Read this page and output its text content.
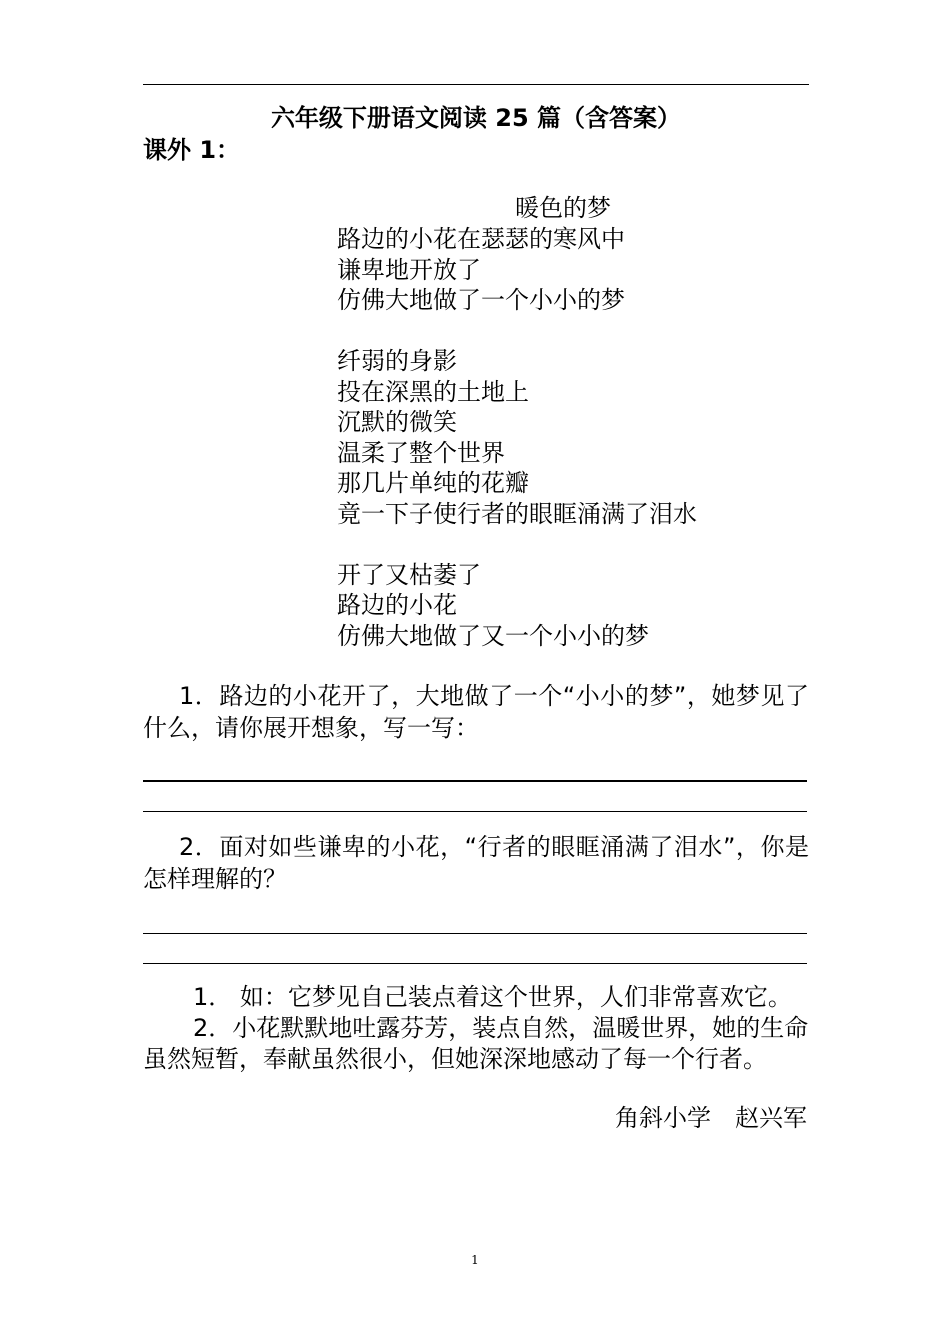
六年级下册语文阅读 25 篇（含答案）
课外 1：
暖色的梦
路边的小花在瑟瑟的寒风中
谦卑地开放了
仿佛大地做了一个小小的梦
纤弱的身影
投在深黑的土地上
沉默的微笑
温柔了整个世界
那几片单纯的花瓣
竟一下子使行者的眼眶涌满了泪水
开了又枯萎了
路边的小花
仿佛大地做了又一个小小的梦
1．路边的小花开了，大地做了一个“小小的梦”，她梦见了什么，请你展开想象，写一写：
2．面对如些谦卑的小花，“行者的眼眶涌满了泪水”，你是怎样理解的？
1． 如：它梦见自己装点着这个世界，人们非常喜欢它。
2．小花默默地吐露芬芳，装点自然，温暖世界，她的生命虽然短暂，奉献虽然很小，但她深深地感动了每一个行者。
角斜小学　赵兴军
1
